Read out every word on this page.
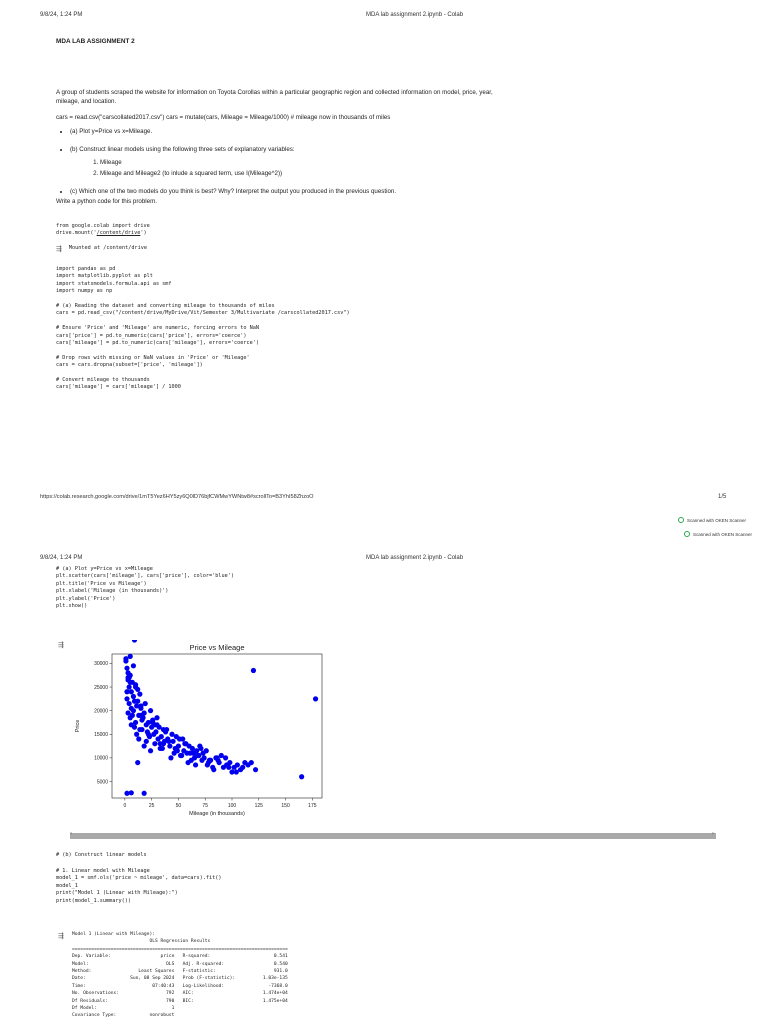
9/8/24, 1:24 PM	MDA lab assignment 2.ipynb - Colab
MDA LAB ASSIGNMENT 2
A group of students scraped the website for information on Toyota Corollas within a particular geographic region and collected information on model, price, year, mileage, and location.
cars = read.csv("carscollated2017.csv") cars = mutate(cars, Mileage = Mileage/1000) # mileage now in thousands of miles
• (a) Plot y=Price vs x=Mileage.
• (b) Construct linear models using the following three sets of explanatory variables:
1. Mileage
2. Mileage and Mileage2 (to inlude a squared term, use I(Mileage^2))
• (c) Which one of the two models do you think is best? Why? Interpret the output you produced in the previous question.
Write a python code for this problem.
from google.colab import drive
drive.mount('/content/drive')
⇶ Mounted at /content/drive
import pandas as pd
import matplotlib.pyplot as plt
import statsmodels.formula.api as smf
import numpy as np
# (a) Reading the dataset and converting mileage to thousands of miles
cars = pd.read_csv("/content/drive/MyDrive/Vit/Semester 3/Multivariate /carscollated2017.csv")
# Ensure 'Price' and 'Mileage' are numeric, forcing errors to NaN
cars['price'] = pd.to_numeric(cars['price'], errors='coerce')
cars['mileage'] = pd.to_numeric(cars['mileage'], errors='coerce')
# Drop rows with missing or NaN values in 'Price' or 'Mileage'
cars = cars.dropna(subset=['price', 'mileage'])
# Convert mileage to thousands
cars['mileage'] = cars['mileage'] / 1000
https://colab.research.google.com/drive/1mT5Yez6HY5zy6Q0lD76bjfCWMwYWNtw8#scrollTo=B3YhI58ZhzoO	1/5
Scanned with OKEN Scanner
Scanned with OKEN Scanner
9/8/24, 1:24 PM	MDA lab assignment 2.ipynb - Colab
# (a) Plot y=Price vs x=Mileage
plt.scatter(cars['mileage'], cars['price'], color='blue')
plt.title('Price vs Mileage')
plt.xlabel('Mileage (in thousands)')
plt.ylabel('Price')
plt.show()
⇶	Price vs Mileage
0	25	50	75	100	125	150	175
5000
10000
15000
20000
25000
30000
Mileage (in thousands)
Price
‹	›
# (b) Construct linear models
# 1. Linear model with Mileage
model_1 = smf.ols('price ~ mileage', data=cars).fit()
model_1
print("Model 1 (Linear with Mileage):")
print(model_1.summary())
⇶ Model 1 (Linear with Mileage):
OLS Regression Results
==============================================================================
Dep. Variable:                  price   R-squared:                       0.541
Model:                            OLS   Adj. R-squared:                  0.540
Method:                 Least Squares   F-statistic:                     931.0
Date:                Sun, 08 Sep 2024   Prob (F-statistic):          1.03e-135
Time:                        07:40:43   Log-Likelihood:                -7368.0
No. Observations:                 792   AIC:                         1.474e+04
Df Residuals:                     790   BIC:                         1.475e+04
Df Model:                           1
Covariance Type:            nonrobust
